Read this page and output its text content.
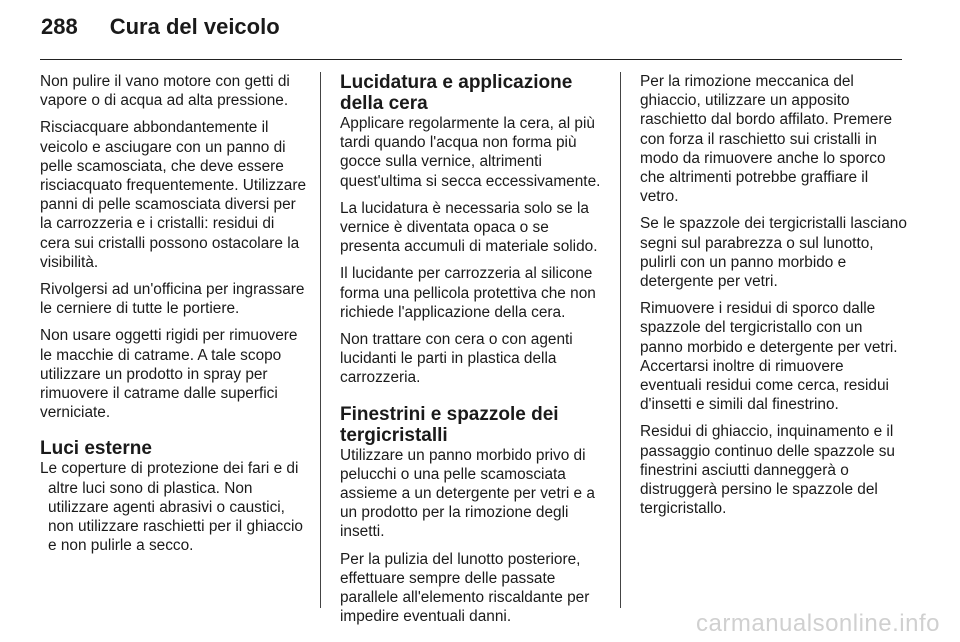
288 Cura del veicolo

Non pulire il vano motore con getti di vapore o di acqua ad alta pressione.

Risciacquare abbondantemente il veicolo e asciugare con un panno di pelle scamosciata, che deve essere risciacquato frequentemente. Utilizzare panni di pelle scamosciata diversi per la carrozzeria e i cristalli: residui di cera sui cristalli possono ostacolare la visibilità.

Rivolgersi ad un'officina per ingrassare le cerniere di tutte le portiere.

Non usare oggetti rigidi per rimuovere le macchie di catrame. A tale scopo utilizzare un prodotto in spray per rimuovere il catrame dalle superfici verniciate.

Luci esterne

Le coperture di protezione dei fari e di altre luci sono di plastica. Non utilizzare agenti abrasivi o caustici, non utilizzare raschietti per il ghiaccio e non pulirle a secco.

Lucidatura e applicazione della cera

Applicare regolarmente la cera, al più tardi quando l'acqua non forma più gocce sulla vernice, altrimenti quest'ultima si secca eccessivamente.

La lucidatura è necessaria solo se la vernice è diventata opaca o se presenta accumuli di materiale solido.

Il lucidante per carrozzeria al silicone forma una pellicola protettiva che non richiede l'applicazione della cera.

Non trattare con cera o con agenti lucidanti le parti in plastica della carrozzeria.

Finestrini e spazzole dei tergicristalli

Utilizzare un panno morbido privo di pelucchi o una pelle scamosciata assieme a un detergente per vetri e a un prodotto per la rimozione degli insetti.

Per la pulizia del lunotto posteriore, effettuare sempre delle passate parallele all'elemento riscaldante per impedire eventuali danni.

Per la rimozione meccanica del ghiaccio, utilizzare un apposito raschietto dal bordo affilato. Premere con forza il raschietto sui cristalli in modo da rimuovere anche lo sporco che altrimenti potrebbe graffiare il vetro.

Se le spazzole dei tergicristalli lasciano segni sul parabrezza o sul lunotto, pulirli con un panno morbido e detergente per vetri.

Rimuovere i residui di sporco dalle spazzole del tergicristallo con un panno morbido e detergente per vetri. Accertarsi inoltre di rimuovere eventuali residui come cerca, residui d'insetti e simili dal finestrino.

Residui di ghiaccio, inquinamento e il passaggio continuo delle spazzole su finestrini asciutti danneggerà o distruggerà persino le spazzole del tergicristallo.

carmanualsonline.info
